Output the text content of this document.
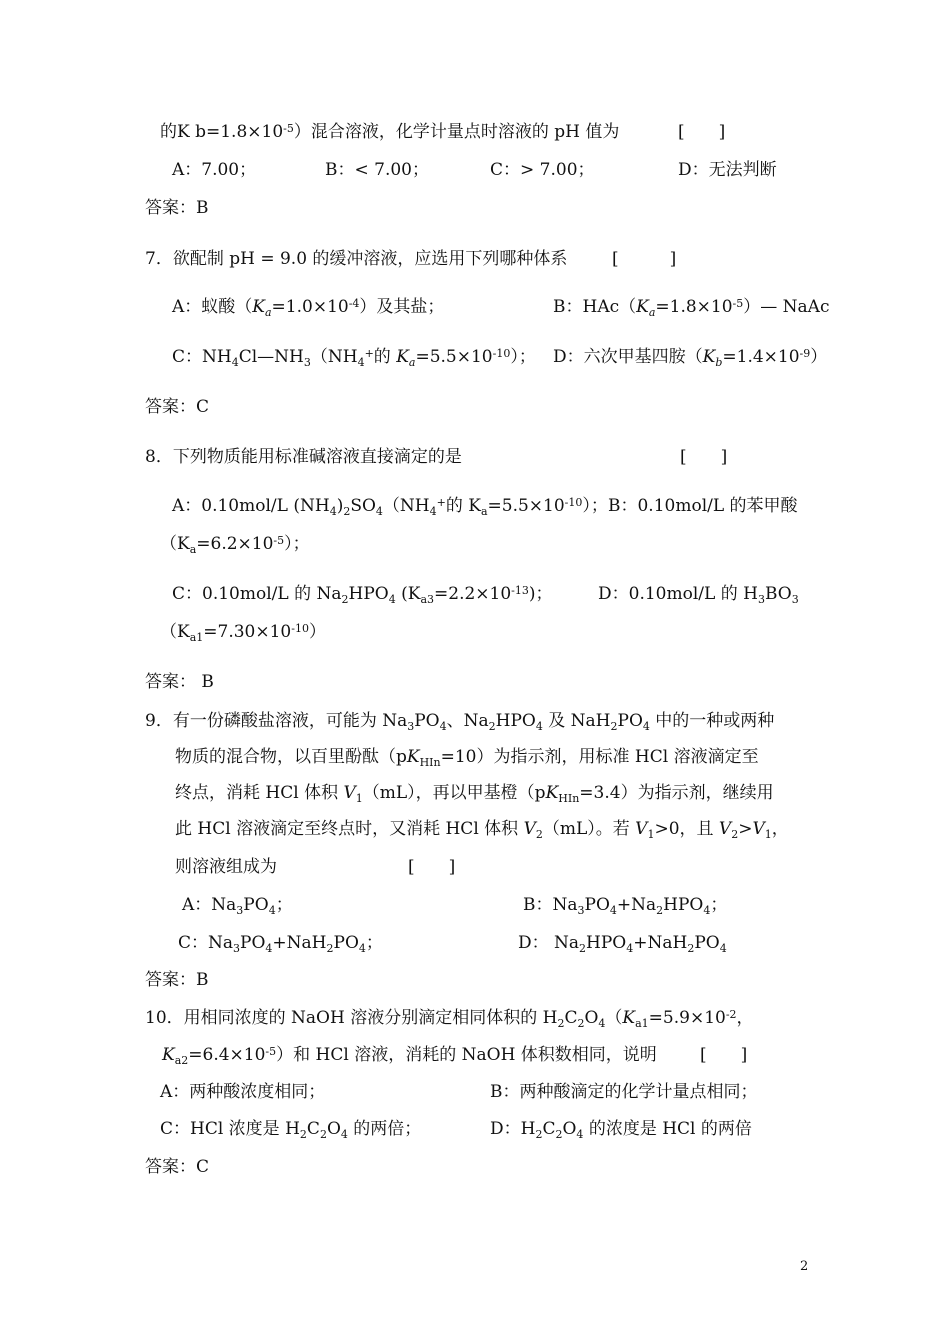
的K $b=1.8\times 10^{-5}$）混合溶液，化学计量点时溶液的 pH 值为	[　　]
A：7.00；	B：< 7.00；	C：> 7.00；	D：无法判断
答案：B
7．欲配制 pH = 9.0 的缓冲溶液，应选用下列哪种体系	[　　　]
A：蚁酸$(K_a=1.0\times 10^{-4})$及其盐；	B：$HAc(K_a=1.8\times 10^{-5})—$ NaAc
C：$NH_4Cl—NH_3(NH_4^+$的 $K_a=5.5\times 10^{-10}$）； D：六次甲基四胺$(K_b=1.4\times 10^{-9})$
答案：C
8．下列物质能用标准碱溶液直接滴定的是	[　　]
A：0.10mol/L $(NH_4)_2SO_4(NH_4^+$的 $K_a=5.5\times 10^{-10}$）； B：0.10mol/L 的苯甲酸
$(K_a=6.2\times 10^{-5})$；
C：0.10mol/L 的 $Na_2HPO_4$ $(K_{a3}=2.2\times 10^{-13})$；	D：0.10mol/L 的 $H_3BO_3$
$(K_{a1}=7.30\times 10^{-10})$
答案： B
9．有一份磷酸盐溶液，可能为 $Na_3PO_4$、$Na_2HPO_4$ 及 $NaH_2PO_4$ 中的一种或两种
物质的混合物，以百里酚酞$(pK_{HIn}=10)$为指示剂，用标准 HCl 溶液滴定至
终点，消耗 HCl 体积 $V_1(mL)$，再以甲基橙$(pK_{HIn}=3.4)$为指示剂，继续用
此 HCl 溶液滴定至终点时，又消耗 HCl 体积 $V_2(mL)$。若 $V_1>0$，且 $V_2>V_1$，
则溶液组成为	[　　]
A：$Na_3PO_4$；	B：$Na_3PO_4+Na_2HPO_4$；
C：$Na_3PO_4+NaH_2PO_4$；	D： $Na_2HPO_4+NaH_2PO_4$
答案：B
10．用相同浓度的 NaOH 溶液分别滴定相同体积的 $H_2C_2O_4(K_{a1}=5.9\times 10^{-2}$，
$K_{a2}=6.4\times 10^{-5}$）和 HCl 溶液，消耗的 NaOH 体积数相同，说明	[　　]
A：两种酸浓度相同；	B：两种酸滴定的化学计量点相同；
C：HCl 浓度是 $H_2C_2O_4$ 的两倍；	D：$H_2C_2O_4$ 的浓度是 HCl 的两倍
答案：C
2
